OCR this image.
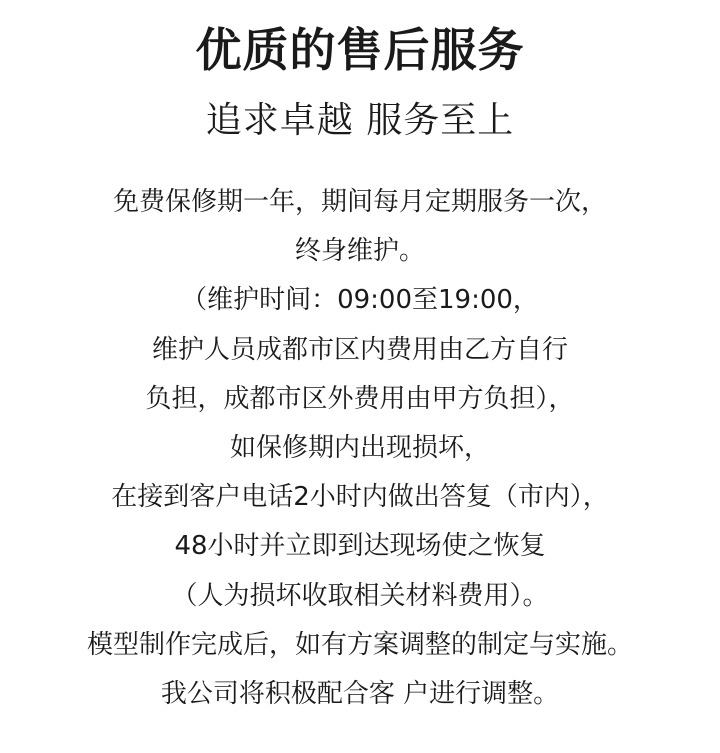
优质的售后服务
追求卓越 服务至上
免费保修期一年，期间每月定期服务一次，
终身维护。
（维护时间：09:00至19:00，
维护人员成都市区内费用由乙方自行
负担，成都市区外费用由甲方负担），
如保修期内出现损坏，
在接到客户电话2小时内做出答复（市内），
48小时并立即到达现场使之恢复
（人为损坏收取相关材料费用）。
模型制作完成后，如有方案调整的制定与实施。
我公司将积极配合客 户进行调整。
